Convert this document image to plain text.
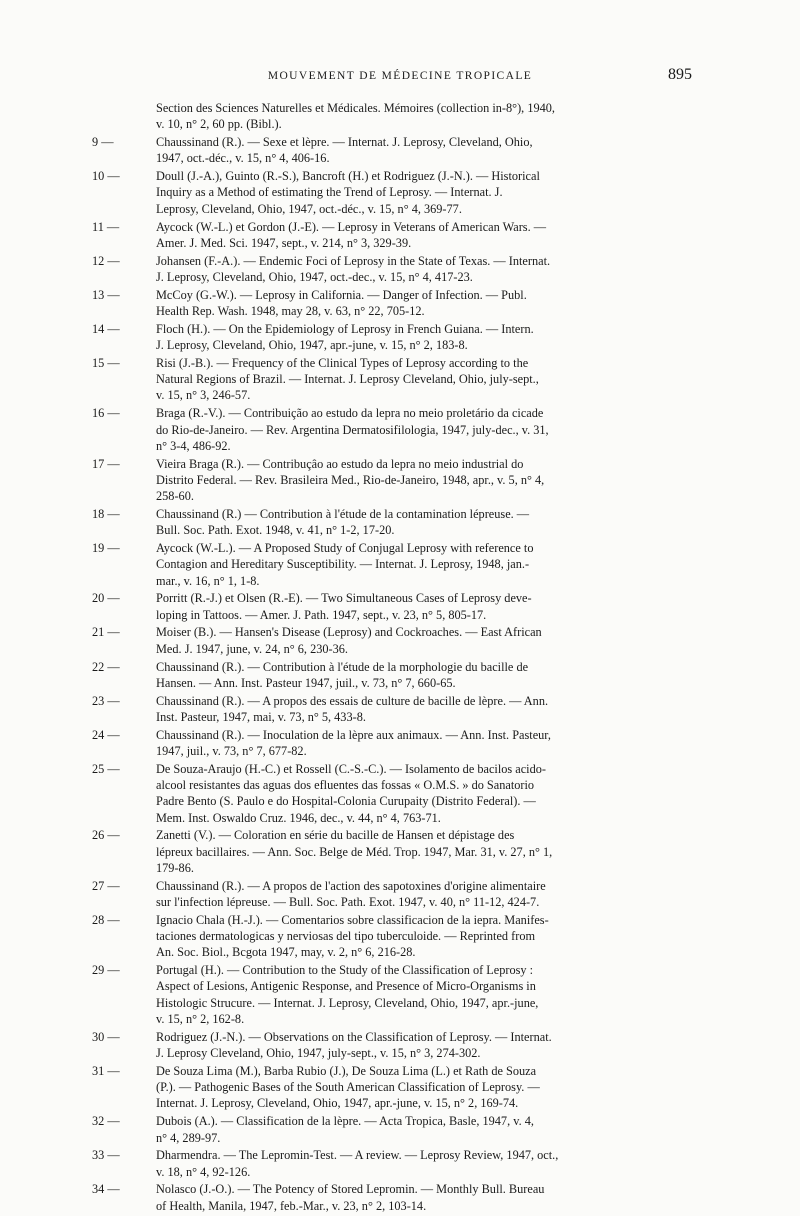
MOUVEMENT DE MÉDECINE TROPICALE	895
Section des Sciences Naturelles et Médicales. Mémoires (collection in-8°), 1940,
v. 10, n° 2, 60 pp. (Bibl.).
9 —	Chaussinand (R.). — Sexe et lèpre. — Internat. J. Leprosy, Cleveland, Ohio,
1947, oct.-déc., v. 15, n° 4, 406-16.
10 —	Doull (J.-A.), Guinto (R.-S.), Bancroft (H.) et Rodriguez (J.-N.). — Historical
Inquiry as a Method of estimating the Trend of Leprosy. — Internat. J.
Leprosy, Cleveland, Ohio, 1947, oct.-déc., v. 15, n° 4, 369-77.
11 —	Aycock (W.-L.) et Gordon (J.-E). — Leprosy in Veterans of American Wars. —
Amer. J. Med. Sci. 1947, sept., v. 214, n° 3, 329-39.
12 —	Johansen (F.-A.). — Endemic Foci of Leprosy in the State of Texas. — Internat.
J. Leprosy, Cleveland, Ohio, 1947, oct.-dec., v. 15, n° 4, 417-23.
13 —	McCoy (G.-W.). — Leprosy in California. — Danger of Infection. — Publ.
Health Rep. Wash. 1948, may 28, v. 63, n° 22, 705-12.
14 —	Floch (H.). — On the Epidemiology of Leprosy in French Guiana. — Intern.
J. Leprosy, Cleveland, Ohio, 1947, apr.-june, v. 15, n° 2, 183-8.
15 —	Risi (J.-B.). — Frequency of the Clinical Types of Leprosy according to the
Natural Regions of Brazil. — Internat. J. Leprosy Cleveland, Ohio, july-sept.,
v. 15, n° 3, 246-57.
16 —	Braga (R.-V.). — Contribuição ao estudo da lepra no meio proletário da cicade
do Rio-de-Janeiro. — Rev. Argentina Dermatosifilologia, 1947, july-dec., v. 31,
n° 3-4, 486-92.
17 —	Vieira Braga (R.). — Contribuçâo ao estudo da lepra no meio industrial do
Distrito Federal. — Rev. Brasileira Med., Rio-de-Janeiro, 1948, apr., v. 5, n° 4,
258-60.
18 —	Chaussinand (R.) — Contribution à l'étude de la contamination lépreuse. —
Bull. Soc. Path. Exot. 1948, v. 41, n° 1-2, 17-20.
19 —	Aycock (W.-L.). — A Proposed Study of Conjugal Leprosy with reference to
Contagion and Hereditary Susceptibility. — Internat. J. Leprosy, 1948, jan.-
mar., v. 16, n° 1, 1-8.
20 —	Porritt (R.-J.) et Olsen (R.-E). — Two Simultaneous Cases of Leprosy deve-
loping in Tattoos. — Amer. J. Path. 1947, sept., v. 23, n° 5, 805-17.
21 —	Moiser (B.). — Hansen's Disease (Leprosy) and Cockroaches. — East African
Med. J. 1947, june, v. 24, n° 6, 230-36.
22 —	Chaussinand (R.). — Contribution à l'étude de la morphologie du bacille de
Hansen. — Ann. Inst. Pasteur 1947, juil., v. 73, n° 7, 660-65.
23 —	Chaussinand (R.). — A propos des essais de culture de bacille de lèpre. — Ann.
Inst. Pasteur, 1947, mai, v. 73, n° 5, 433-8.
24 —	Chaussinand (R.). — Inoculation de la lèpre aux animaux. — Ann. Inst. Pasteur,
1947, juil., v. 73, n° 7, 677-82.
25 —	De Souza-Araujo (H.-C.) et Rossell (C.-S.-C.). — Isolamento de bacilos acido-
alcool resistantes das aguas dos efluentes das fossas « O.M.S. » do Sanatorio
Padre Bento (S. Paulo e do Hospital-Colonia Curupaity (Distrito Federal). —
Mem. Inst. Oswaldo Cruz. 1946, dec., v. 44, n° 4, 763-71.
26 —	Zanetti (V.). — Coloration en série du bacille de Hansen et dépistage des
lépreux bacillaires. — Ann. Soc. Belge de Méd. Trop. 1947, Mar. 31, v. 27, n° 1,
179-86.
27 —	Chaussinand (R.). — A propos de l'action des sapotoxines d'origine alimentaire
sur l'infection lépreuse. — Bull. Soc. Path. Exot. 1947, v. 40, n° 11-12, 424-7.
28 —	Ignacio Chala (H.-J.). — Comentarios sobre classificacion de la iepra. Manifes-
taciones dermatologicas y nerviosas del tipo tuberculoide. — Reprinted from
An. Soc. Biol., Bcgota 1947, may, v. 2, n° 6, 216-28.
29 —	Portugal (H.). — Contribution to the Study of the Classification of Leprosy :
Aspect of Lesions, Antigenic Response, and Presence of Micro-Organisms in
Histologic Strucure. — Internat. J. Leprosy, Cleveland, Ohio, 1947, apr.-june,
v. 15, n° 2, 162-8.
30 —	Rodriguez (J.-N.). — Observations on the Classification of Leprosy. — Internat.
J. Leprosy Cleveland, Ohio, 1947, july-sept., v. 15, n° 3, 274-302.
31 —	De Souza Lima (M.), Barba Rubio (J.), De Souza Lima (L.) et Rath de Souza
(P.). — Pathogenic Bases of the South American Classification of Leprosy. —
Internat. J. Leprosy, Cleveland, Ohio, 1947, apr.-june, v. 15, n° 2, 169-74.
32 —	Dubois (A.). — Classification de la lèpre. — Acta Tropica, Basle, 1947, v. 4,
n° 4, 289-97.
33 —	Dharmendra. — The Lepromin-Test. — A review. — Leprosy Review, 1947, oct.,
v. 18, n° 4, 92-126.
34 —	Nolasco (J.-O.). — The Potency of Stored Lepromin. — Monthly Bull. Bureau
of Health, Manila, 1947, feb.-Mar., v. 23, n° 2, 103-14.
